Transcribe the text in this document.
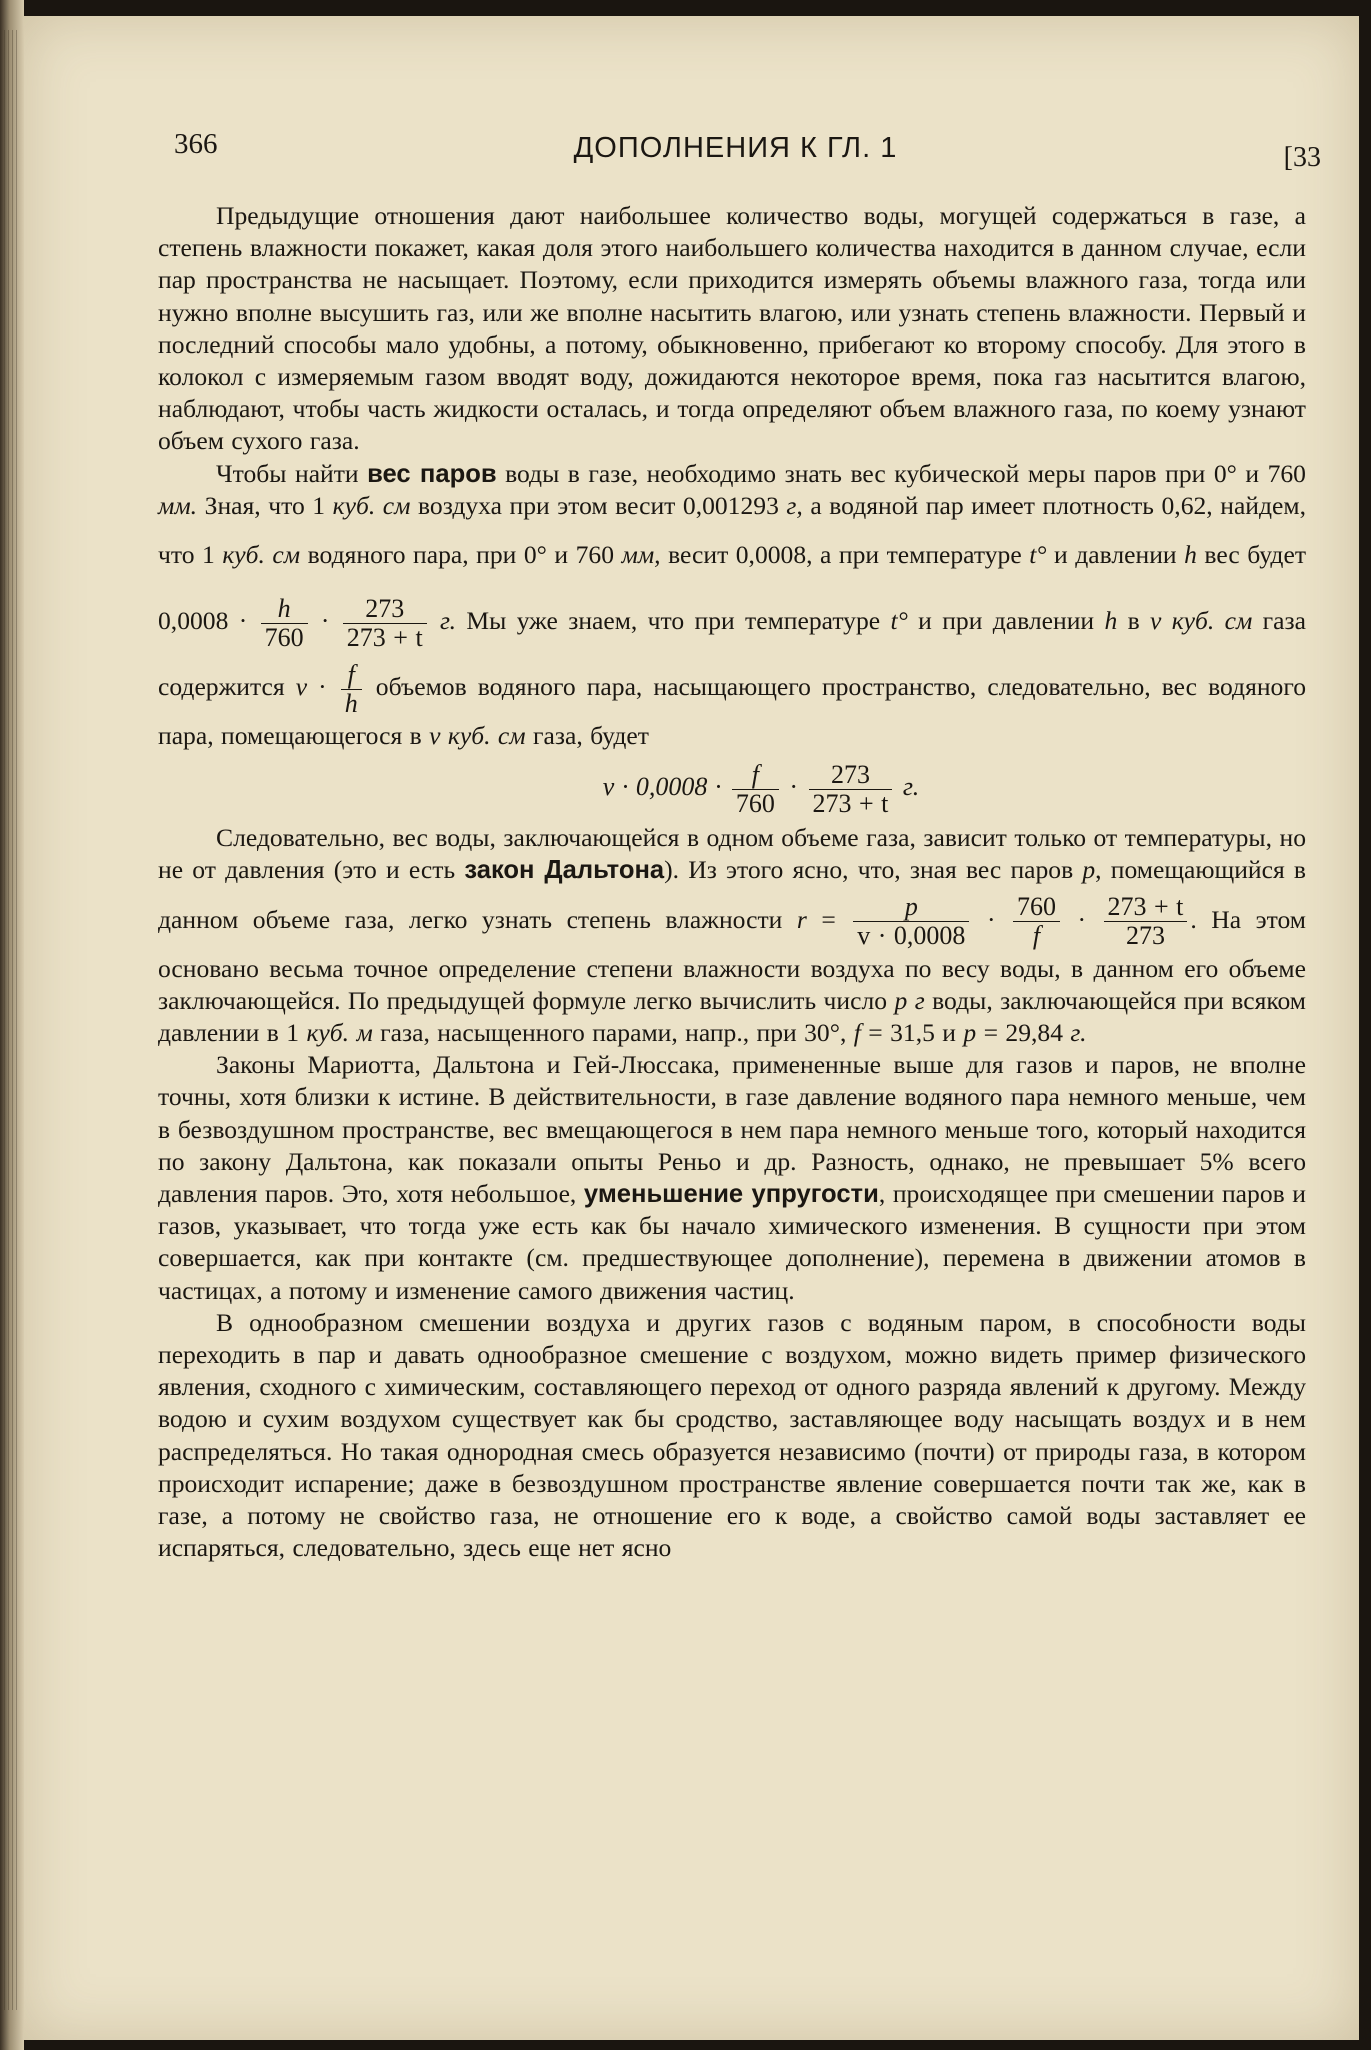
366	ДОПОЛНЕНИЯ К ГЛ. 1	[33

Предыдущие отношения дают наибольшее количество воды, могущей содержаться в газе, а степень влажности покажет, какая доля этого наибольшего количества находится в данном случае, если пар пространства не насыщает. Поэтому, если приходится измерять объемы влажного газа, тогда или нужно вполне высушить газ, или же вполне насытить влагою, или узнать степень влажности. Первый и последний способы мало удобны, а потому, обыкновенно, прибегают ко второму способу. Для этого в колокол с измеряемым газом вводят воду, дожидаются некоторое время, пока газ насытится влагою, наблюдают, чтобы часть жидкости осталась, и тогда определяют объем влажного газа, по коему узнают объем сухого газа.

Чтобы найти вес паров воды в газе, необходимо знать вес кубической меры паров при 0° и 760 мм. Зная, что 1 куб. см воздуха при этом весит 0,001293 г, а водяной пар имеет плотность 0,62, найдем, что 1 куб. см водяного пара, при 0° и 760 мм, весит 0,0008, а при температуре t° и давлении h вес будет $0,0008 \cdot \frac{h}{760} \cdot \frac{273}{273 + t} г$. Мы уже знаем, что при температуре t° и при давлении h в v куб. см газа содержится $v \cdot \frac{f}{h}$ объемов водяного пара, насыщающего пространство, следовательно, вес водяного пара, помещающегося в v куб. см газа, будет

$v \cdot 0,0008 \cdot \frac{f}{760} \cdot \frac{273}{273 + t} г$.

Следовательно, вес воды, заключающейся в одном объеме газа, зависит только от температуры, но не от давления (это и есть закон Дальтона). Из этого ясно, что, зная вес паров p, помещающийся в данном объеме газа, легко узнать степень влажности $r = \frac{p}{v \cdot 0,0008} \cdot \frac{760}{f} \cdot \frac{273 + t}{273}$ . На этом основано весьма точное определение степени влажности воздуха по весу воды, в данном его объеме заключающейся. По предыдущей формуле легко вычислить число p г воды, заключающейся при всяком давлении в 1 куб. м газа, насыщенного парами, напр., при 30°, f = 31,5 и p = 29,84 г.

Законы Мариотта, Дальтона и Гей-Люссака, примененные выше для газов и паров, не вполне точны, хотя близки к истине. В действительности, в газе давление водяного пара немного меньше, чем в безвоздушном пространстве, вес вмещающегося в нем пара немного меньше того, который находится по закону Дальтона, как показали опыты Реньо и др. Разность, однако, не превышает 5% всего давления паров. Это, хотя небольшое, уменьшение упругости, происходящее при смешении паров и газов, указывает, что тогда уже есть как бы начало химического изменения. В сущности при этом совершается, как при контакте (см. предшествующее дополнение), перемена в движении атомов в частицах, а потому и изменение самого движения частиц.

В однообразном смешении воздуха и других газов с водяным паром, в способности воды переходить в пар и давать однообразное смешение с воздухом, можно видеть пример физического явления, сходного с химическим, составляющего переход от одного разряда явлений к другому. Между водою и сухим воздухом существует как бы сродство, заставляющее воду насыщать воздух и в нем распределяться. Но такая однородная смесь образуется независимо (почти) от природы газа, в котором происходит испарение; даже в безвоздушном пространстве явление совершается почти так же, как в газе, а потому не свойство газа, не отношение его к воде, а свойство самой воды заставляет ее испаряться, следовательно, здесь еще нет ясно
